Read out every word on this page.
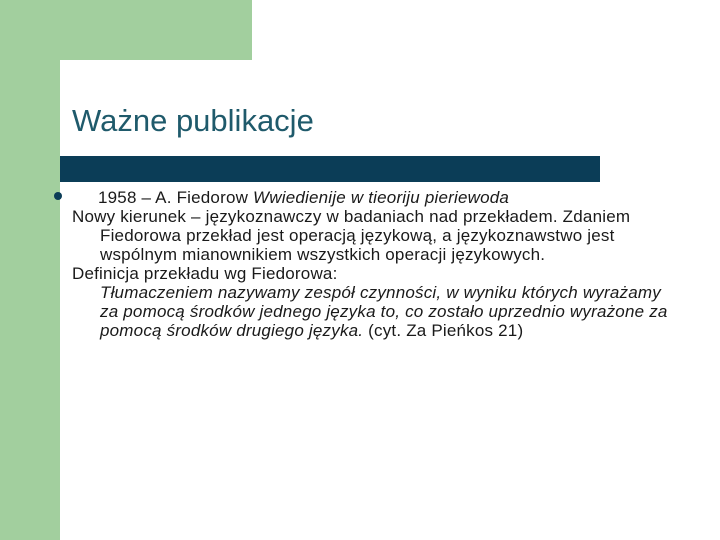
Ważne publikacje
1958 – A. Fiedorow Wwiedienije w tieoriju pieriewoda

Nowy kierunek – językoznawczy w badaniach nad przekładem. Zdaniem Fiedorowa przekład jest operacją językową, a językoznawstwo jest wspólnym mianownikiem wszystkich operacji językowych.

Definicja przekładu wg Fiedorowa:

Tłumaczeniem nazywamy zespół czynności, w wyniku których wyrażamy za pomocą środków jednego języka to, co zostało uprzednio wyrażone za pomocą środków drugiego języka. (cyt. Za Pieńkos 21)
